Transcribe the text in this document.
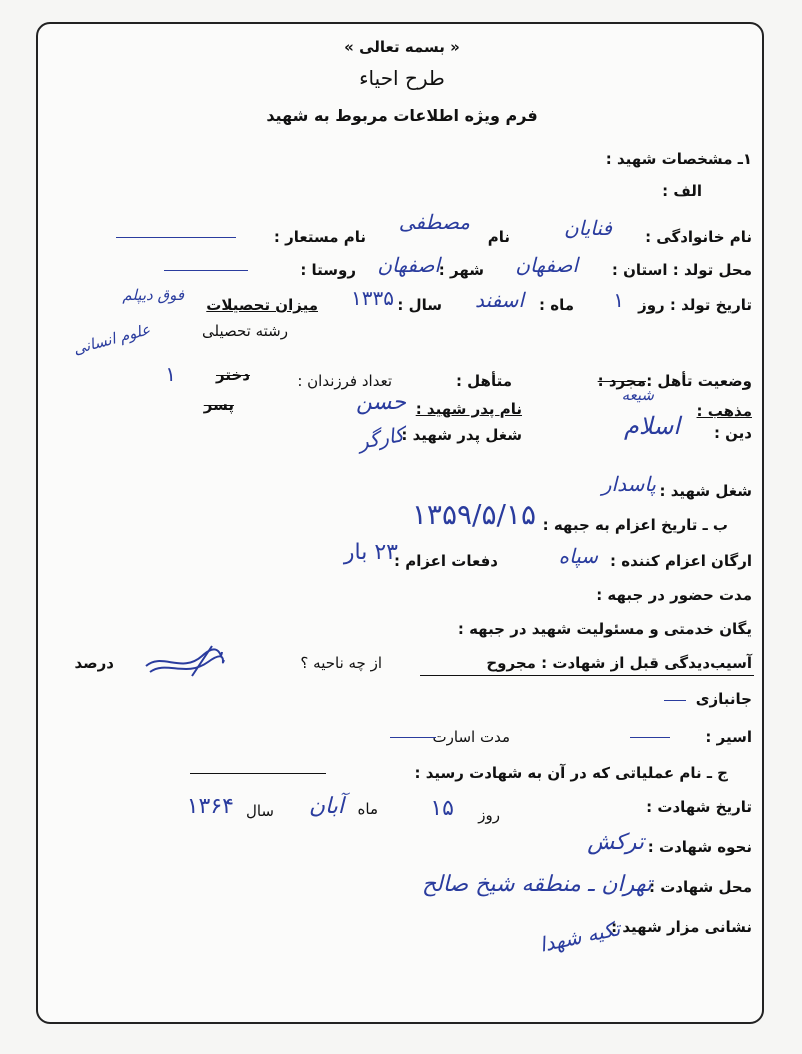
« بسمه تعالی »
طرح احیاء
فرم ویژه اطلاعات مربوط به شهید
۱ـ مشخصات شهید :
الف :
نام خانوادگی :
فنایان
نام
مصطفی
نام مستعار :
محل تولد : استان :
اصفهان
شهر :
اصفهان
روستا :
تاریخ تولد : روز
۱
ماه :
اسفند
سال :
۱۳۳۵
میزان تحصیلات
فوق دیپلم
رشته تحصیلی
علوم انسانی
وضعیت تأهل :
مجرد :
متأهل :
تعداد فرزندان :
دختر
پسر
۱
مذهب :
شیعه
دین :
اسلام
نام پدر شهید :
حسن
شغل پدر شهید :
کارگر
شغل شهید :
پاسدار
ب ـ تاریخ اعزام به جبهه :
۱۳۵۹/۵/۱۵
ارگان اعزام کننده :
سپاه
دفعات اعزام :
۲۳ بار
مدت حضور در جبهه :
یگان خدمتی و مسئولیت شهید در جبهه :
آسیب‌دیدگی قبل از شهادت : مجروح
از چه ناحیه ؟
درصد
جانبازی
اسیر :
مدت اسارت
ج ـ نام عملیاتی که در آن به شهادت رسید :
تاریخ شهادت :
روز
۱۵
ماه
آبان
سال
۱۳۶۴
نحوه شهادت :
ترکش
محل شهادت :
تهران ـ منطقه شیخ صالح
نشانی مزار شهید :
تکیه شهدا
